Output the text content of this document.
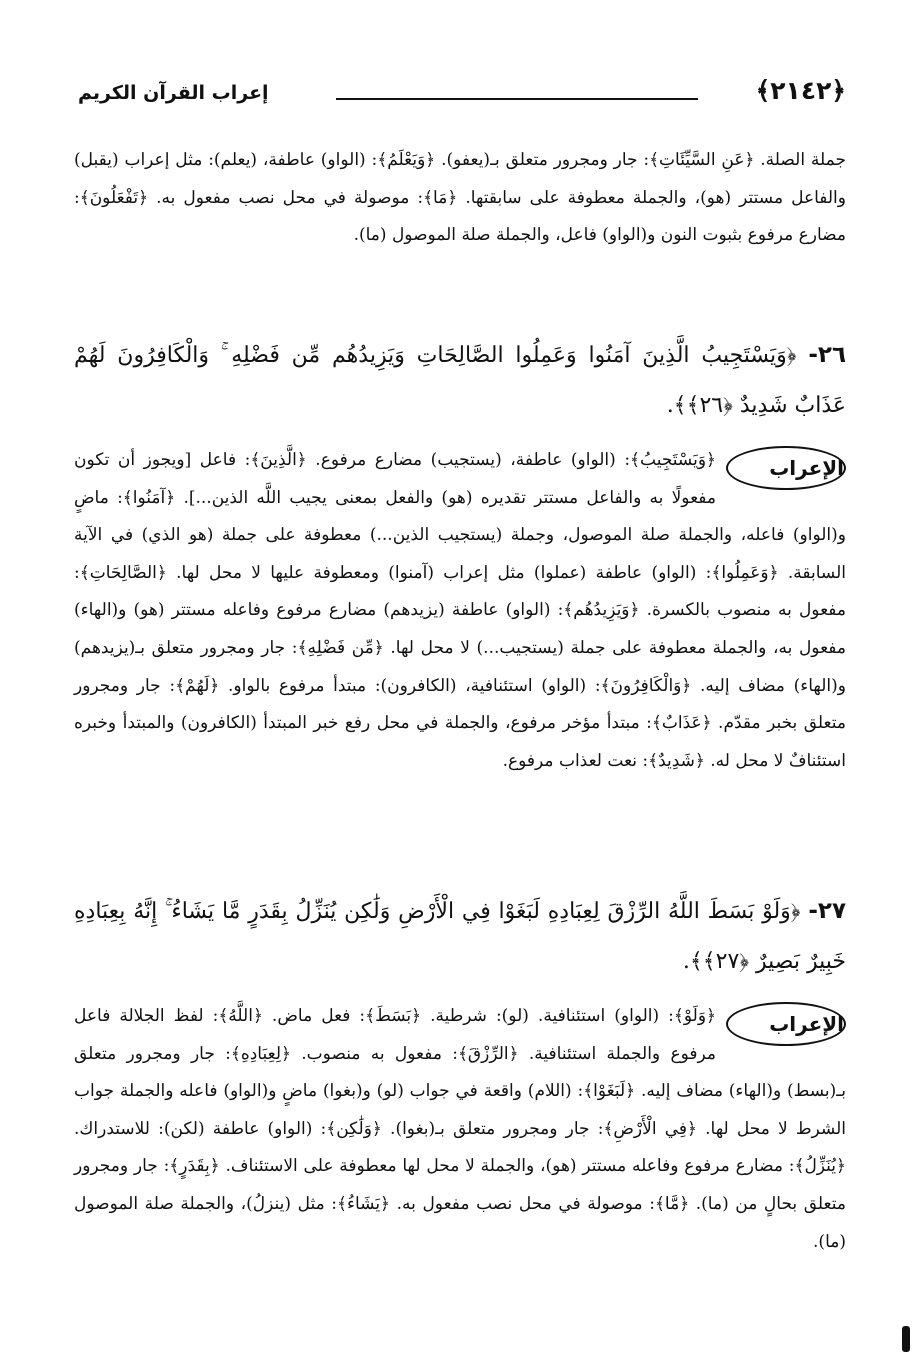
﴿٢١٤٢﴾
إعراب القرآن الكريم
جملة الصلة. ﴿عَنِ السَّيِّئَاتِ﴾: جار ومجرور متعلق بـ(يعفو). ﴿وَيَعْلَمُ﴾: (الواو) عاطفة، (يعلم): مثل إعراب (يقبل) والفاعل مستتر (هو)، والجملة معطوفة على سابقتها. ﴿مَا﴾: موصولة في محل نصب مفعول به. ﴿تَفْعَلُونَ﴾: مضارع مرفوع بثبوت النون و(الواو) فاعل، والجملة صلة الموصول (ما).
٢٦- ﴿وَيَسْتَجِيبُ الَّذِينَ آمَنُوا وَعَمِلُوا الصَّالِحَاتِ وَيَزِيدُهُم مِّن فَضْلِهِ ۚ وَالْكَافِرُونَ لَهُمْ عَذَابٌ شَدِيدٌ ﴿٢٦﴾﴾.
الإعراب
﴿وَيَسْتَجِيبُ﴾: (الواو) عاطفة، (يستجيب) مضارع مرفوع. ﴿الَّذِينَ﴾: فاعل [ويجوز أن تكون مفعولًا به والفاعل مستتر تقديره (هو) والفعل بمعنى يجيب اللَّه الذين...]. ﴿آمَنُوا﴾: ماضٍ و(الواو) فاعله، والجملة صلة الموصول، وجملة (يستجيب الذين...) معطوفة على جملة (هو الذي) في الآية السابقة. ﴿وَعَمِلُوا﴾: (الواو) عاطفة (عملوا) مثل إعراب (آمنوا) ومعطوفة عليها لا محل لها. ﴿الصَّالِحَاتِ﴾: مفعول به منصوب بالكسرة. ﴿وَيَزِيدُهُم﴾: (الواو) عاطفة (يزيدهم) مضارع مرفوع وفاعله مستتر (هو) و(الهاء) مفعول به، والجملة معطوفة على جملة (يستجيب...) لا محل لها. ﴿مِّن فَضْلِهِ﴾: جار ومجرور متعلق بـ(يزيدهم) و(الهاء) مضاف إليه. ﴿وَالْكَافِرُونَ﴾: (الواو) استئنافية، (الكافرون): مبتدأ مرفوع بالواو. ﴿لَهُمْ﴾: جار ومجرور متعلق بخبر مقدّم. ﴿عَذَابٌ﴾: مبتدأ مؤخر مرفوع، والجملة في محل رفع خبر المبتدأ (الكافرون) والمبتدأ وخبره استئنافٌ لا محل له. ﴿شَدِيدٌ﴾: نعت لعذاب مرفوع.
٢٧- ﴿وَلَوْ بَسَطَ اللَّهُ الرِّزْقَ لِعِبَادِهِ لَبَغَوْا فِي الْأَرْضِ وَلَٰكِن يُنَزِّلُ بِقَدَرٍ مَّا يَشَاءُ ۚ إِنَّهُ بِعِبَادِهِ خَبِيرٌ بَصِيرٌ ﴿٢٧﴾﴾.
الإعراب
﴿وَلَوْ﴾: (الواو) استئنافية. (لو): شرطية. ﴿بَسَطَ﴾: فعل ماض. ﴿اللَّهُ﴾: لفظ الجلالة فاعل مرفوع والجملة استئنافية. ﴿الرِّزْقَ﴾: مفعول به منصوب. ﴿لِعِبَادِهِ﴾: جار ومجرور متعلق بـ(بسط) و(الهاء) مضاف إليه. ﴿لَبَغَوْا﴾: (اللام) واقعة في جواب (لو) و(بغوا) ماضٍ و(الواو) فاعله والجملة جواب الشرط لا محل لها. ﴿فِي الْأَرْضِ﴾: جار ومجرور متعلق بـ(بغوا). ﴿وَلَٰكِن﴾: (الواو) عاطفة (لكن): للاستدراك. ﴿يُنَزِّلُ﴾: مضارع مرفوع وفاعله مستتر (هو)، والجملة لا محل لها معطوفة على الاستئناف. ﴿بِقَدَرٍ﴾: جار ومجرور متعلق بحالٍ من (ما). ﴿مَّا﴾: موصولة في محل نصب مفعول به. ﴿يَشَاءُ﴾: مثل (ينزلُ)، والجملة صلة الموصول (ما).
